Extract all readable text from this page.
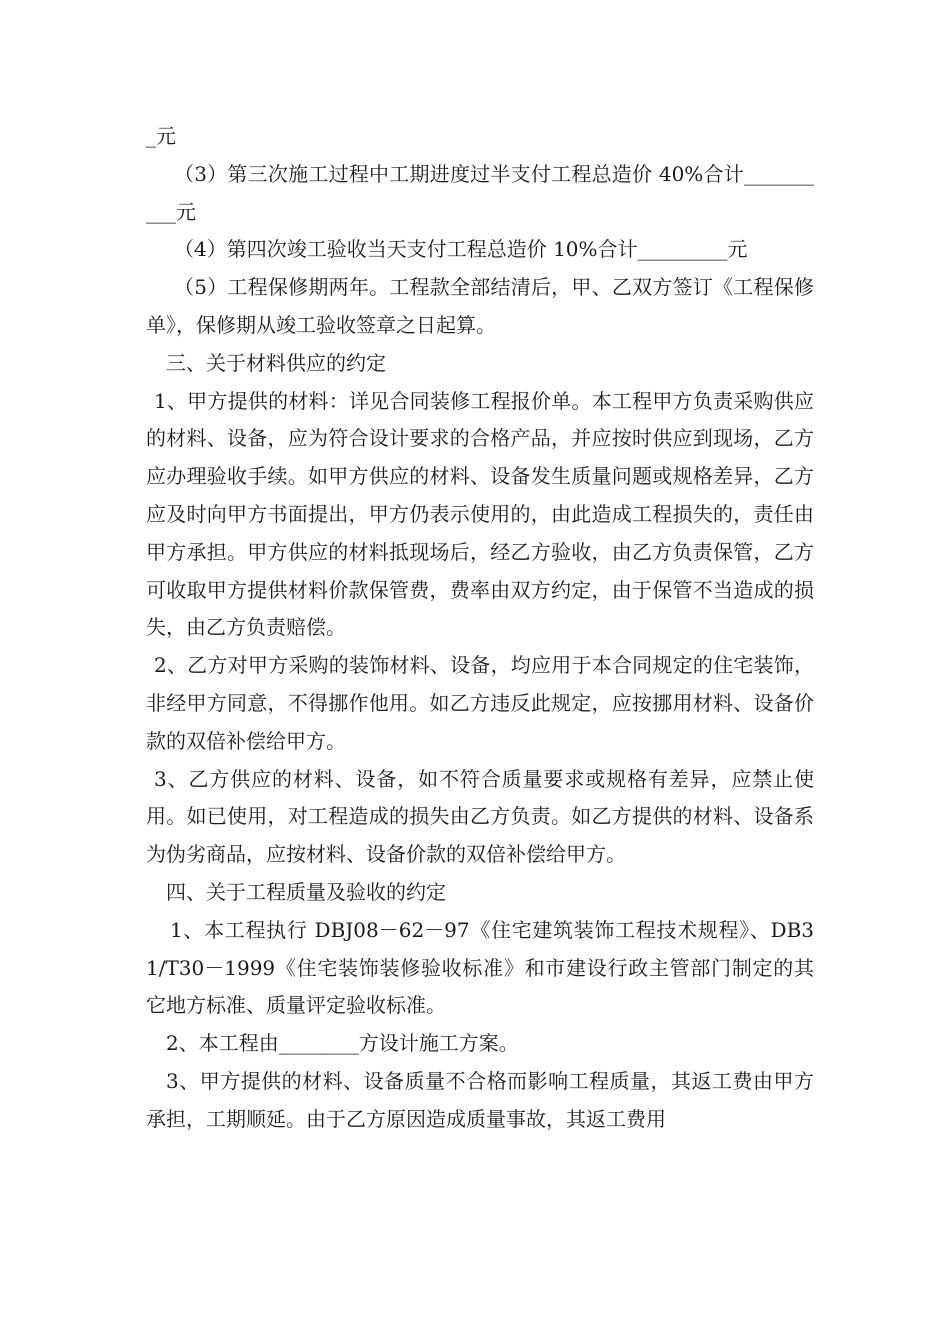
_元

（3）第三次施工过程中工期进度过半支付工程总造价 40%合计__________元

（4）第四次竣工验收当天支付工程总造价 10%合计_________元

（5）工程保修期两年。工程款全部结清后，甲、乙双方签订《工程保修单》，保修期从竣工验收签章之日起算。

三、关于材料供应的约定

1、甲方提供的材料：详见合同装修工程报价单。本工程甲方负责采购供应的材料、设备，应为符合设计要求的合格产品，并应按时供应到现场，乙方应办理验收手续。如甲方供应的材料、设备发生质量问题或规格差异，乙方应及时向甲方书面提出，甲方仍表示使用的，由此造成工程损失的，责任由甲方承担。甲方供应的材料抵现场后，经乙方验收，由乙方负责保管，乙方可收取甲方提供材料价款保管费，费率由双方约定，由于保管不当造成的损失，由乙方负责赔偿。

2、乙方对甲方采购的装饰材料、设备，均应用于本合同规定的住宅装饰，非经甲方同意，不得挪作他用。如乙方违反此规定，应按挪用材料、设备价款的双倍补偿给甲方。

3、乙方供应的材料、设备，如不符合质量要求或规格有差异，应禁止使用。如已使用，对工程造成的损失由乙方负责。如乙方提供的材料、设备系为伪劣商品，应按材料、设备价款的双倍补偿给甲方。

四、关于工程质量及验收的约定

1、本工程执行 DBJ08－62－97《住宅建筑装饰工程技术规程》、DB31/T30－1999《住宅装饰装修验收标准》和市建设行政主管部门制定的其它地方标准、质量评定验收标准。

2、本工程由________方设计施工方案。

3、甲方提供的材料、设备质量不合格而影响工程质量，其返工费由甲方承担，工期顺延。由于乙方原因造成质量事故，其返工费用
